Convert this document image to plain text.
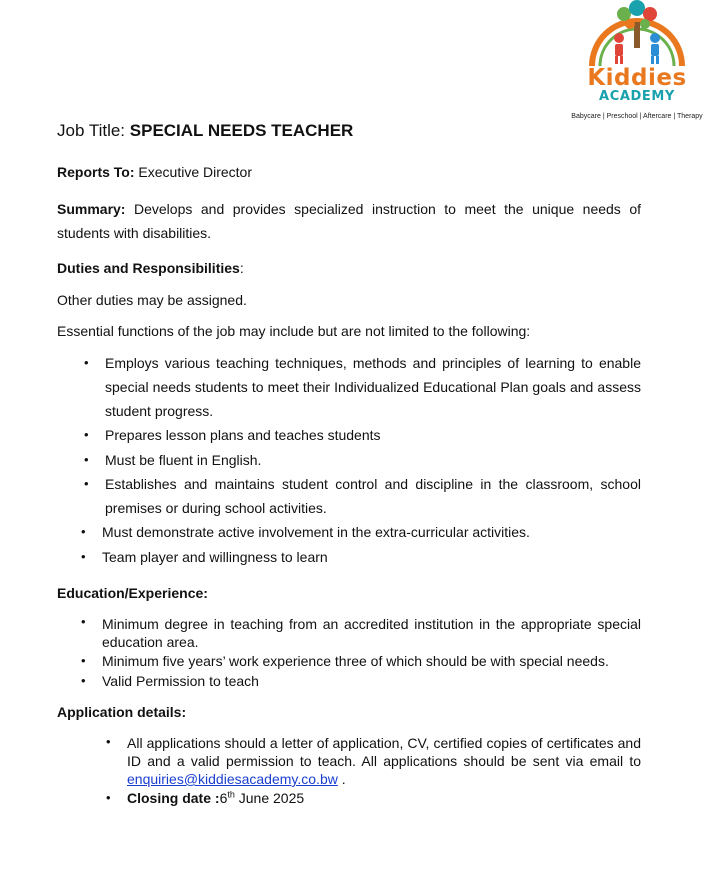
Kiddies
ACADEMY
Babycare | Preschool | Aftercare | Therapy
Job Title: SPECIAL NEEDS TEACHER
Reports To: Executive Director
Summary: Develops and provides specialized instruction to meet the unique needs of students with disabilities.
Duties and Responsibilities:
Other duties may be assigned.
Essential functions of the job may include but are not limited to the following:
• Employs various teaching techniques, methods and principles of learning to enable special needs students to meet their Individualized Educational Plan goals and assess student progress.
• Prepares lesson plans and teaches students
• Must be fluent in English.
• Establishes and maintains student control and discipline in the classroom, school premises or during school activities.
• Must demonstrate active involvement in the extra-curricular activities.
• Team player and willingness to learn
Education/Experience:
• Minimum degree in teaching from an accredited institution in the appropriate special education area.
• Minimum five years’ work experience three of which should be with special needs.
• Valid Permission to teach
Application details:
• All applications should a letter of application, CV, certified copies of certificates and ID and a valid permission to teach. All applications should be sent via email to enquiries@kiddiesacademy.co.bw .
• Closing date :6th June 2025
